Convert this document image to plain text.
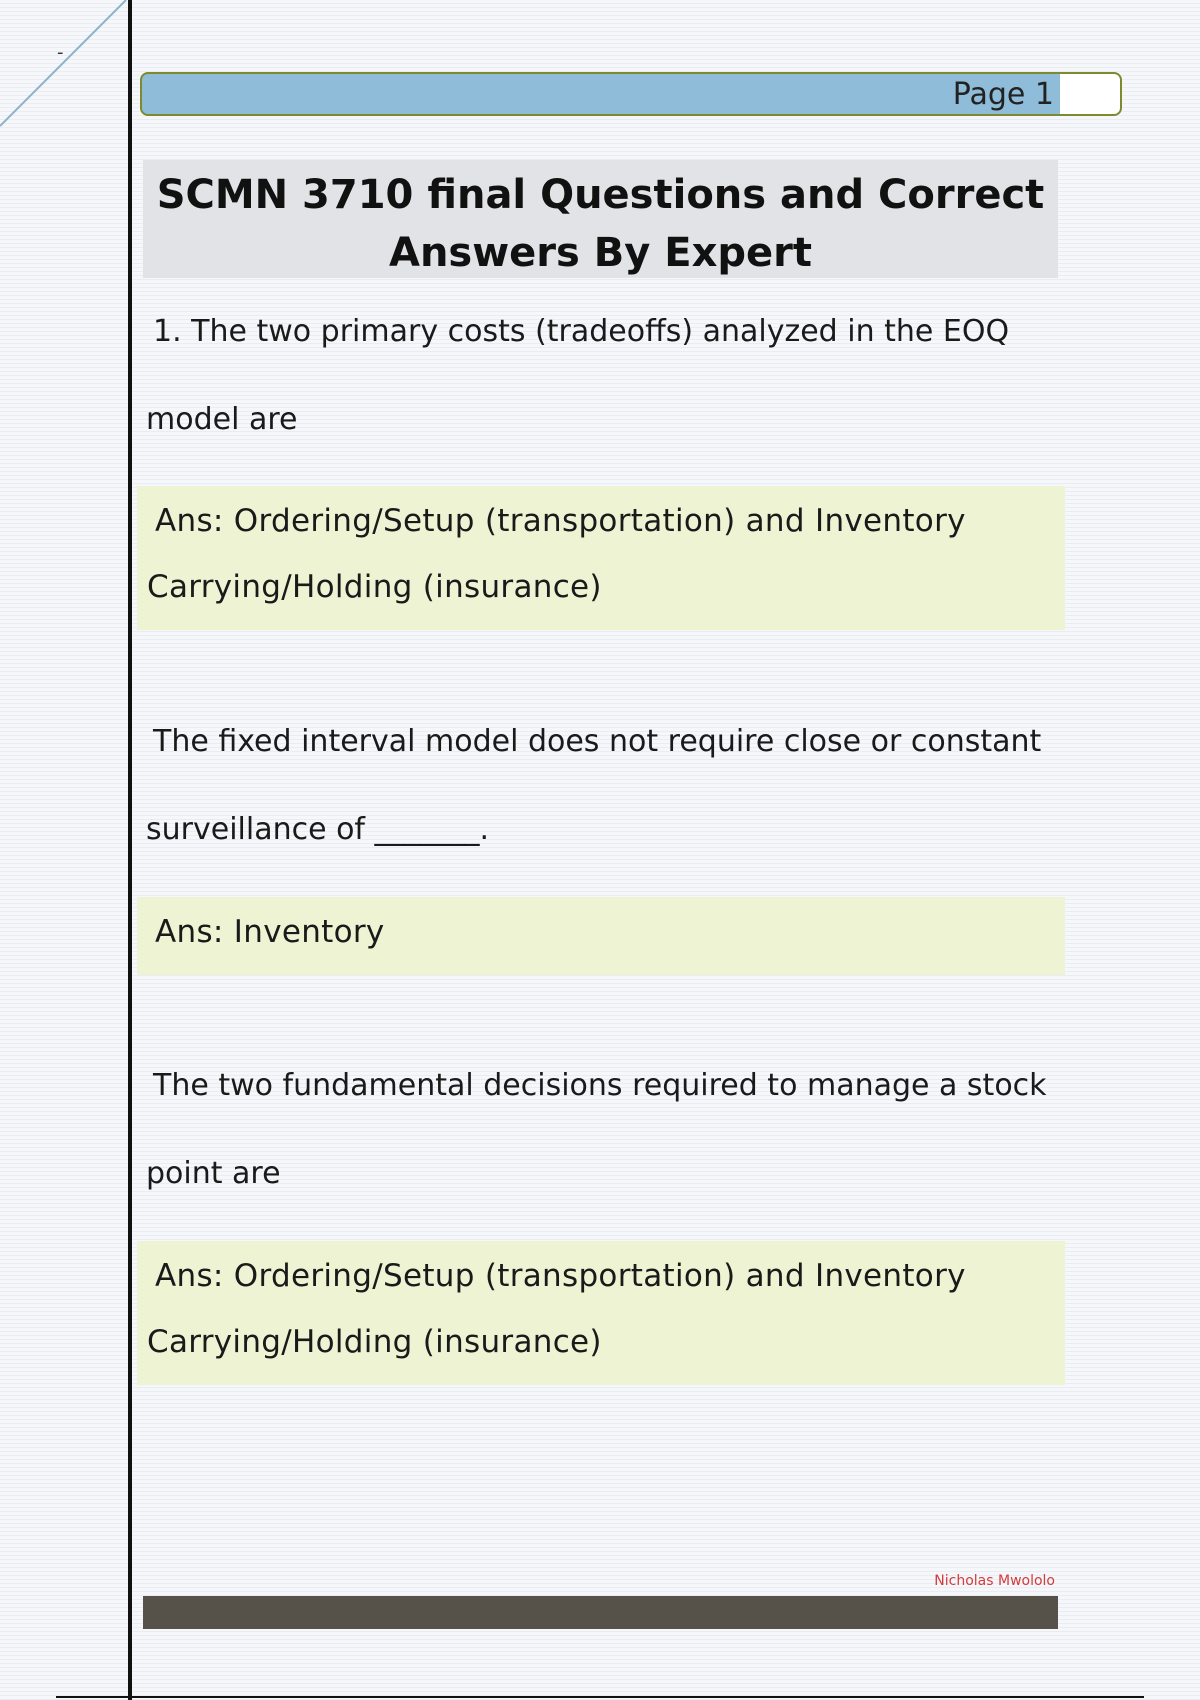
-
Page 1
SCMN 3710 final Questions and Correct
Answers By Expert
1. The two primary costs (tradeoffs) analyzed in the EOQ
model are
Ans: Ordering/Setup (transportation) and Inventory
Carrying/Holding (insurance)
The fixed interval model does not require close or constant
surveillance of _______.
Ans: Inventory
The two fundamental decisions required to manage a stock
point are
Ans: Ordering/Setup (transportation) and Inventory
Carrying/Holding (insurance)
Nicholas Mwololo
